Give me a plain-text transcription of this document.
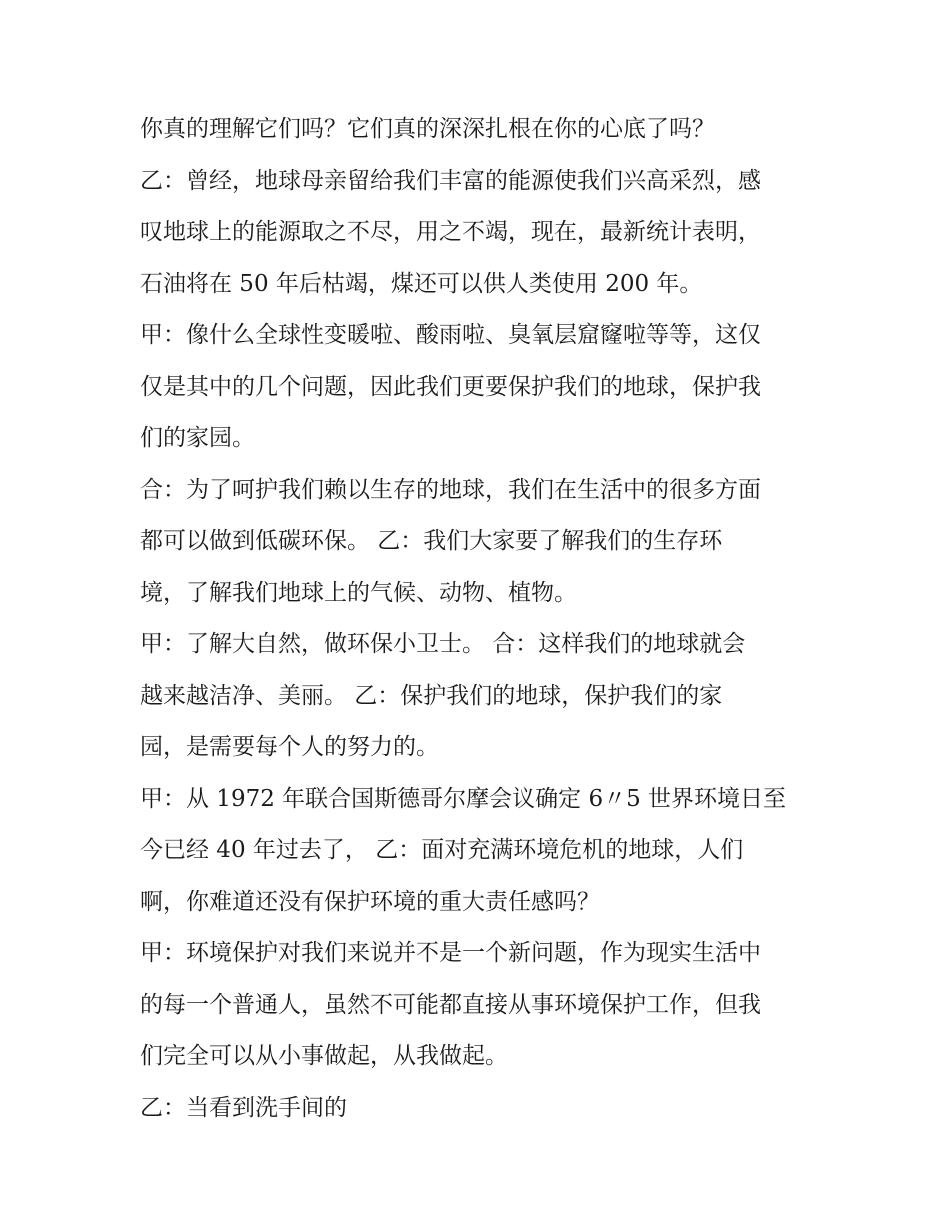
你真的理解它们吗？它们真的深深扎根在你的心底了吗？
乙：曾经，地球母亲留给我们丰富的能源使我们兴高采烈，感
叹地球上的能源取之不尽，用之不竭，现在，最新统计表明，
石油将在 50 年后枯竭，煤还可以供人类使用 200 年。
甲：像什么全球性变暖啦、酸雨啦、臭氧层窟窿啦等等，这仅
仅是其中的几个问题，因此我们更要保护我们的地球，保护我
们的家园。
合：为了呵护我们赖以生存的地球，我们在生活中的很多方面
都可以做到低碳环保。 乙：我们大家要了解我们的生存环
境，了解我们地球上的气候、动物、植物。
甲：了解大自然，做环保小卫士。 合：这样我们的地球就会
越来越洁净、美丽。 乙：保护我们的地球，保护我们的家
园，是需要每个人的努力的。
甲：从 1972 年联合国斯德哥尔摩会议确定 6〃5 世界环境日至
今已经 40 年过去了， 乙：面对充满环境危机的地球，人们
啊，你难道还没有保护环境的重大责任感吗？
甲：环境保护对我们来说并不是一个新问题，作为现实生活中
的每一个普通人，虽然不可能都直接从事环境保护工作，但我
们完全可以从小事做起，从我做起。
乙：当看到洗手间的
